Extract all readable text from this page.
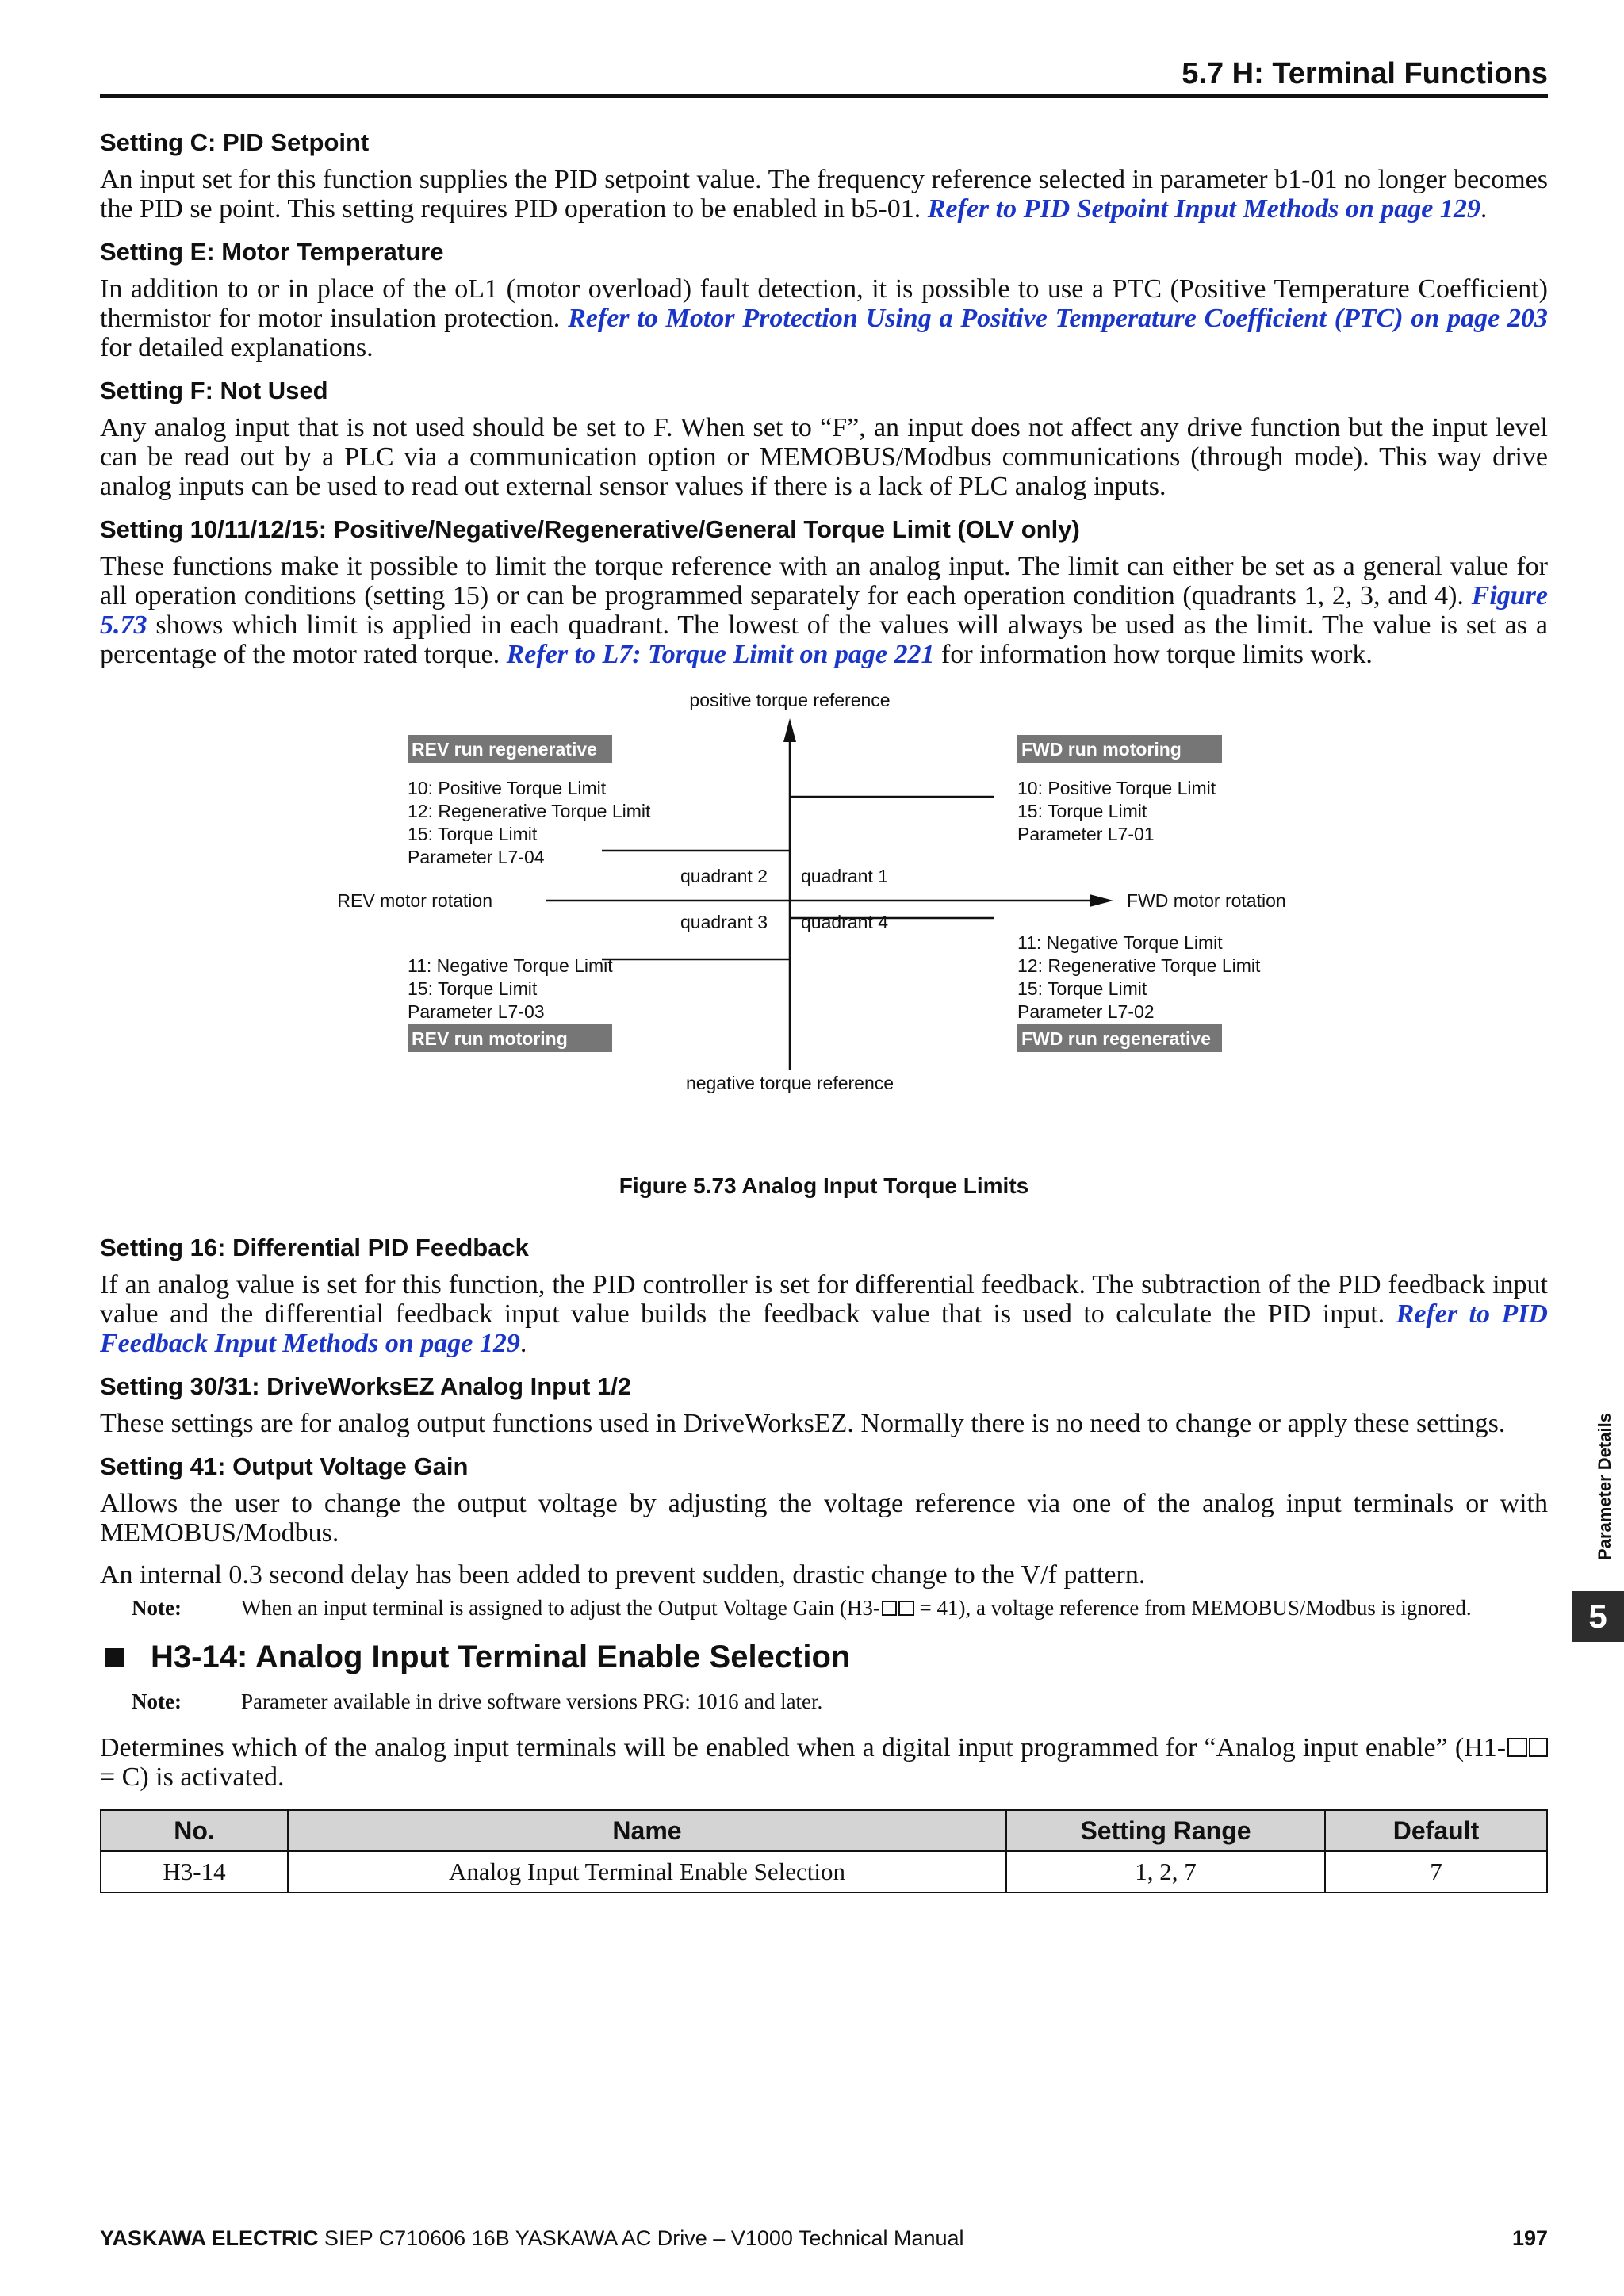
5.7 H: Terminal Functions
Setting C: PID Setpoint

An input set for this function supplies the PID setpoint value. The frequency reference selected in parameter b1-01 no longer becomes the PID se point. This setting requires PID operation to be enabled in b5-01. Refer to PID Setpoint Input Methods on page 129.

Setting E: Motor Temperature

In addition to or in place of the oL1 (motor overload) fault detection, it is possible to use a PTC (Positive Temperature Coefficient) thermistor for motor insulation protection. Refer to Motor Protection Using a Positive Temperature Coefficient (PTC) on page 203 for detailed explanations.

Setting F: Not Used

Any analog input that is not used should be set to F. When set to “F”, an input does not affect any drive function but the input level can be read out by a PLC via a communication option or MEMOBUS/Modbus communications (through mode). This way drive analog inputs can be used to read out external sensor values if there is a lack of PLC analog inputs.

Setting 10/11/12/15: Positive/Negative/Regenerative/General Torque Limit (OLV only)

These functions make it possible to limit the torque reference with an analog input. The limit can either be set as a general value for all operation conditions (setting 15) or can be programmed separately for each operation condition (quadrants 1, 2, 3, and 4). Figure 5.73 shows which limit is applied in each quadrant. The lowest of the values will always be used as the limit. The value is set as a percentage of the motor rated torque. Refer to L7: Torque Limit on page 221 for information how torque limits work.

positive torque reference
negative torque reference
REV motor rotation	FWD motor rotation
quadrant 2 quadrant 1
quadrant 3 quadrant 4
REV run regenerative	FWD run motoring
REV run motoring	FWD run regenerative
10: Positive Torque Limit
12: Regenerative Torque Limit
15: Torque Limit
Parameter L7-04
10: Positive Torque Limit
15: Torque Limit
Parameter L7-01
11: Negative Torque Limit
15: Torque Limit
Parameter L7-03
11: Negative Torque Limit
12: Regenerative Torque Limit
15: Torque Limit
Parameter L7-02
Figure 5.73 Analog Input Torque Limits
Setting 16: Differential PID Feedback

If an analog value is set for this function, the PID controller is set for differential feedback. The subtraction of the PID feedback input value and the differential feedback input value builds the feedback value that is used to calculate the PID input. Refer to PID Feedback Input Methods on page 129.

Setting 30/31: DriveWorksEZ Analog Input 1/2

These settings are for analog output functions used in DriveWorksEZ. Normally there is no need to change or apply these settings.

Setting 41: Output Voltage Gain

Allows the user to change the output voltage by adjusting the voltage reference via one of the analog input terminals or with MEMOBUS/Modbus.

An internal 0.3 second delay has been added to prevent sudden, drastic change to the V/f pattern.

Note:	When an input terminal is assigned to adjust the Output Voltage Gain (H3- = 41), a voltage reference from MEMOBUS/Modbus is ignored.
H3-14: Analog Input Terminal Enable Selection
Note:	Parameter available in drive software versions PRG: 1016 and later.

Determines which of the analog input terminals will be enabled when a digital input programmed for “Analog input enable” (H1- = C) is activated.

No.	Name	Setting Range	Default
H3-14	Analog Input Terminal Enable Selection	1, 2, 7	7
Parameter Details
5
YASKAWA ELECTRIC SIEP C710606 16B YASKAWA AC Drive – V1000 Technical Manual	197
